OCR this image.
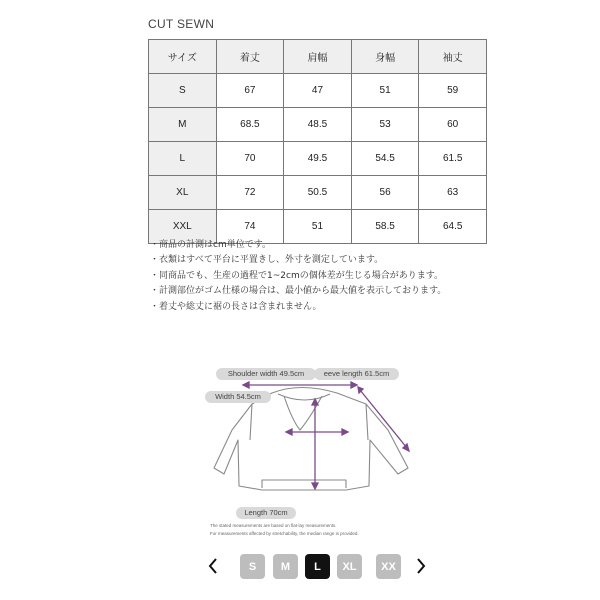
CUT SEWN
サイズ	着丈	肩幅	身幅	袖丈
S	67	47	51	59
M	68.5	48.5	53	60
L	70	49.5	54.5	61.5
XL	72	50.5	56	63
XXL	74	51	58.5	64.5
・ 商品の計測はcm単位です。
・ 衣類はすべて平台に平置きし、外寸を測定しています。
・ 同商品でも、生産の過程で1~2cmの個体差が生じる場合があります。
・ 計測部位がゴム仕様の場合は、最小値から最大値を表示しております。
・ 着丈や総丈に裾の長さは含まれません。
Shoulder width 49.5cm	eeve length 61.5cm
Width 54.5cm
Length 70cm
The stated measurements are based on flat-lay measurements.
For measurements affected by stretchability, the median range is provided.
S	M	L	XL	XX
